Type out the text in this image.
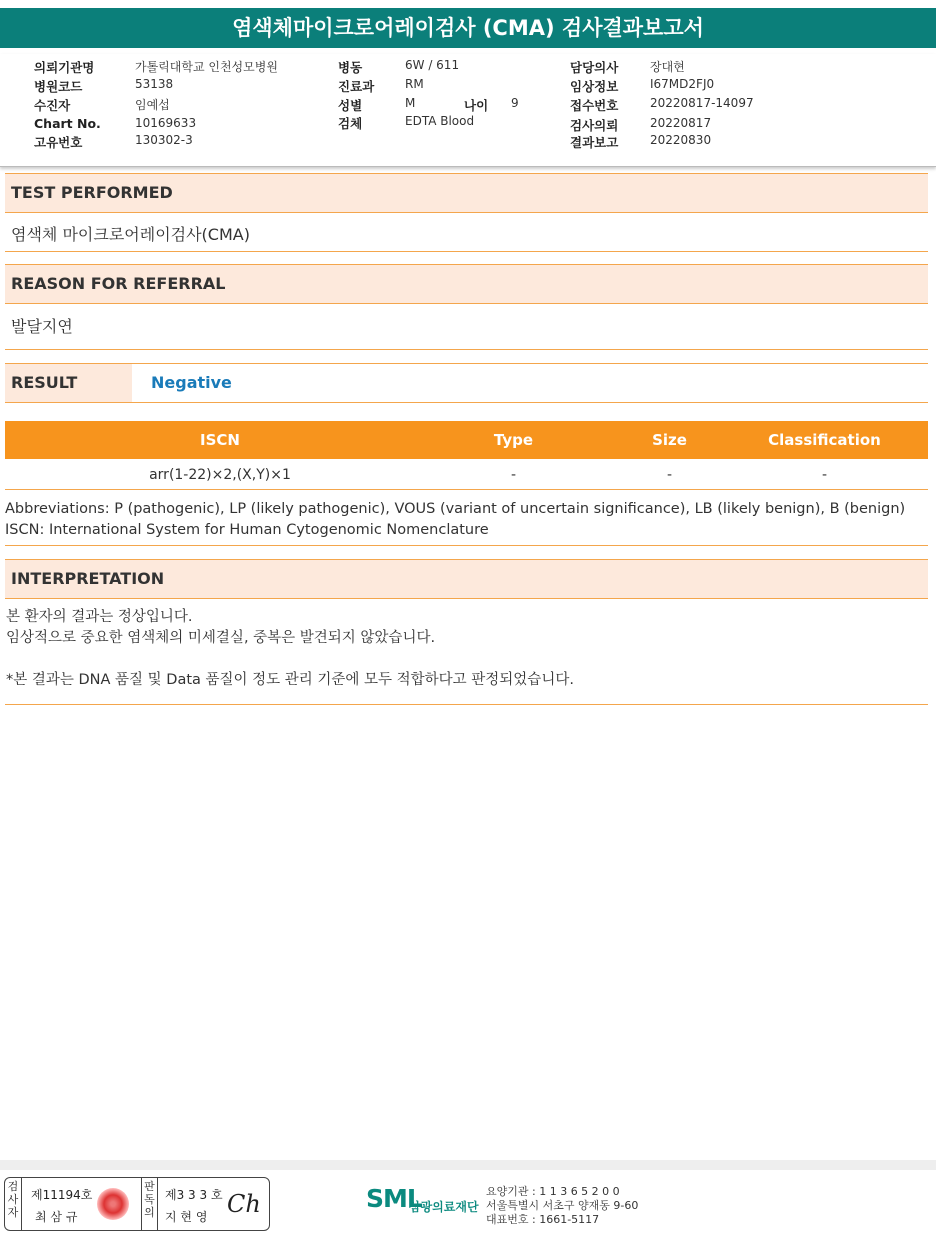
염색체마이크로어레이검사 (CMA) 검사결과보고서
의뢰기관명	가톨릭대학교 인천성모병원
병원코드	53138
수진자	임예섭
Chart No.	10169633
고유번호	130302-3
병동	6W / 611
진료과	RM
성별	M	나이 9
검체	EDTA Blood
담당의사	장대현
임상정보	I67MD2FJ0
접수번호	20220817-14097
검사의뢰	20220817
결과보고	20220830
TEST PERFORMED
염색체 마이크로어레이검사(CMA)
REASON FOR REFERRAL
발달지연
RESULT	Negative
ISCN	Type	Size	Classification
arr(1-22)×2,(X,Y)×1	-	-	-
Abbreviations: P (pathogenic), LP (likely pathogenic), VOUS (variant of uncertain significance), LB (likely benign), B (benign)
ISCN: International System for Human Cytogenomic Nomenclature
INTERPRETATION

본 환자의 결과는 정상입니다.

임상적으로 중요한 염색체의 미세결실, 중복은 발견되지 않았습니다.

*본 결과는 DNA 품질 및 Data 품질이 정도 관리 기준에 모두 적합하다고 판정되었습니다.

검사자
제11194호
최 삼 규
판독의
제3 3 3 호
지 현 영 Ch	SML
삼광의료재단
요양기관 : 1 1 3 6 5 2 0 0
서울특별시 서초구 양재동 9-60
대표번호 : 1661-5117
